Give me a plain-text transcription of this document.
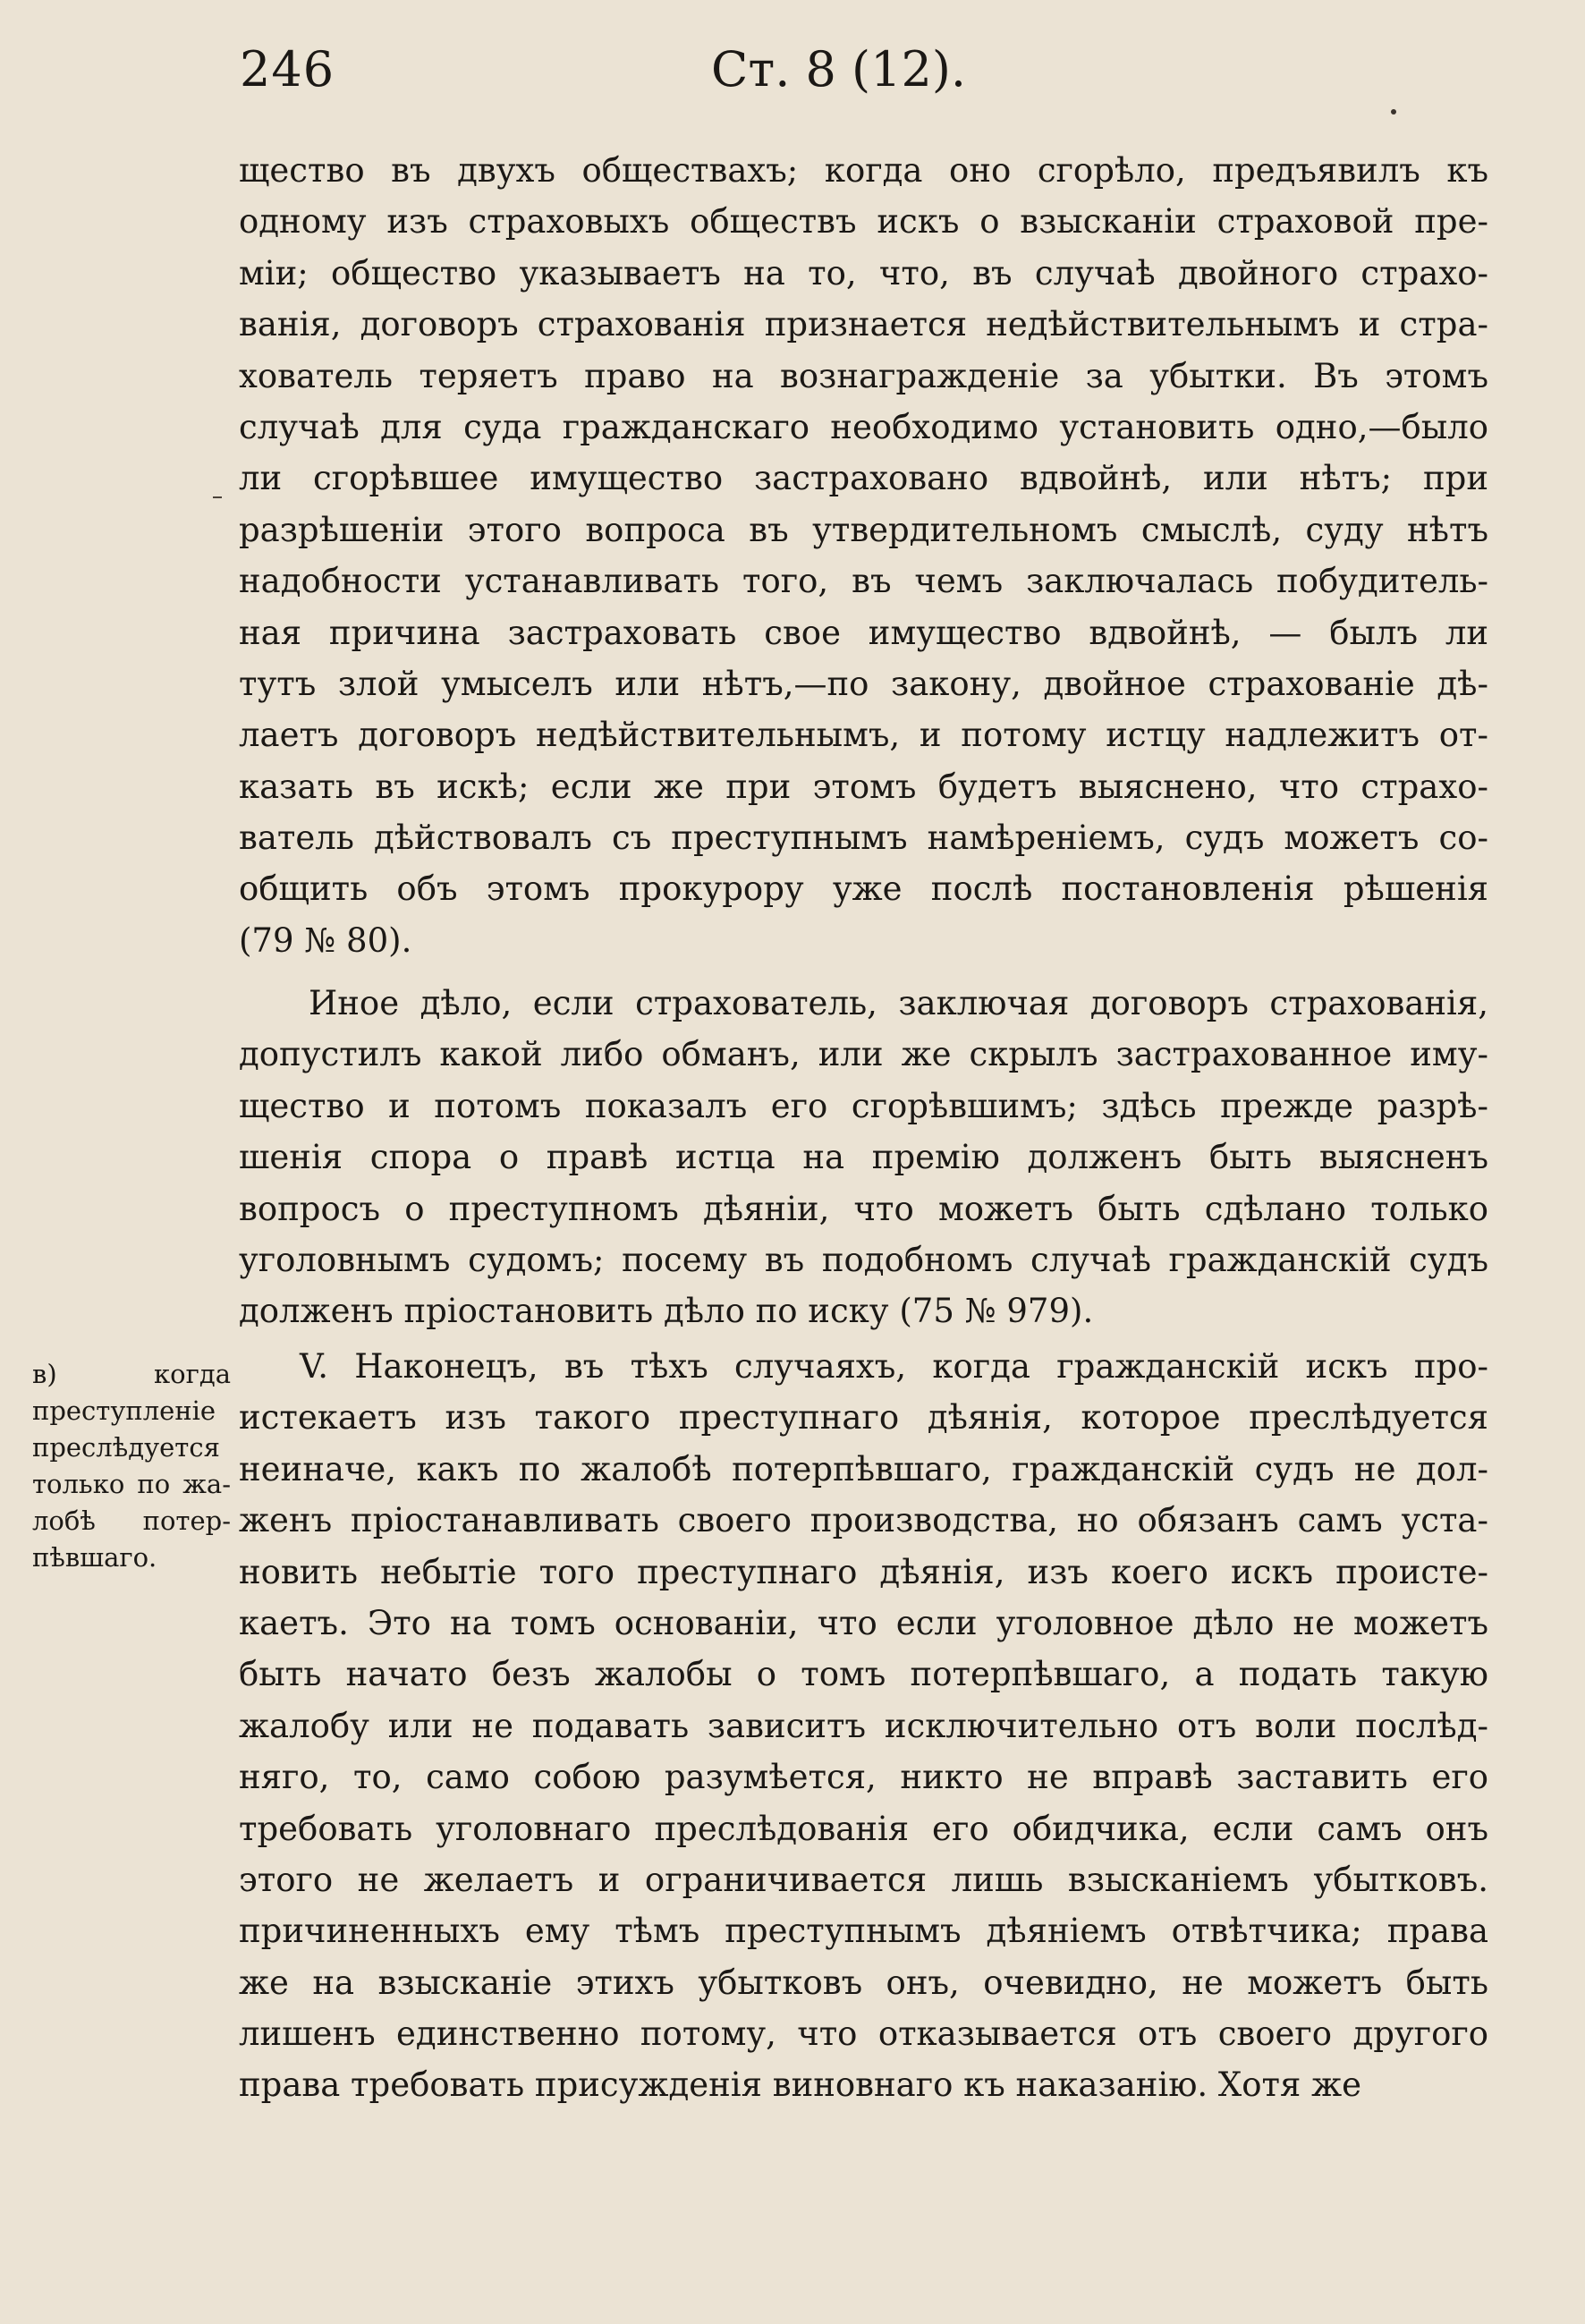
246	Ст. 8 (12).
щество въ двухъ обществахъ; когда оно сгорѣло, предъявилъ къ
одному изъ страховыхъ обществъ искъ о взысканіи страховой пре-
міи; общество указываетъ на то, что, въ случаѣ двойного страхо-
ванія, договоръ страхованія признается недѣйствительнымъ и стра-
хователь теряетъ право на вознагражденіе за убытки. Въ этомъ
случаѣ для суда гражданскаго необходимо установить одно,—было
ли сгорѣвшее имущество застраховано вдвойнѣ, или нѣтъ; при
разрѣшеніи этого вопроса въ утвердительномъ смыслѣ, суду нѣтъ
надобности устанавливать того, въ чемъ заключалась побудитель-
ная причина застраховать свое имущество вдвойнѣ, — былъ ли
тутъ злой умыселъ или нѣтъ,—по закону, двойное страхованіе дѣ-
лаетъ договоръ недѣйствительнымъ, и потому истцу надлежитъ от-
казать въ искѣ; если же при этомъ будетъ выяснено, что страхо-
ватель дѣйствовалъ съ преступнымъ намѣреніемъ, судъ можетъ со-
общить объ этомъ прокурору уже послѣ постановленія рѣшенія
(79 № 80).
Иное дѣло, если страхователь, заключая договоръ страхованія,
допустилъ какой либо обманъ, или же скрылъ застрахованное иму-
щество и потомъ показалъ его сгорѣвшимъ; здѣсь прежде разрѣ-
шенія спора о правѣ истца на премію долженъ быть выясненъ
вопросъ о преступномъ дѣяніи, что можетъ быть сдѣлано только
уголовнымъ судомъ; посему въ подобномъ случаѣ гражданскій судъ
долженъ пріостановить дѣло по иску (75 № 979).
V. Наконецъ, въ тѣхъ случаяхъ, когда гражданскій искъ про-
истекаетъ изъ такого преступнаго дѣянія, которое преслѣдуется
неиначе, какъ по жалобѣ потерпѣвшаго, гражданскій судъ не дол-
женъ пріостанавливать своего производства, но обязанъ самъ уста-
новить небытіе того преступнаго дѣянія, изъ коего искъ происте-
каетъ. Это на томъ основаніи, что если уголовное дѣло не можетъ
быть начато безъ жалобы о томъ потерпѣвшаго, а подать такую
жалобу или не подавать зависитъ исключительно отъ воли послѣд-
няго, то, само собою разумѣется, никто не вправѣ заставить его
требовать уголовнаго преслѣдованія его обидчика, если самъ онъ
этого не желаетъ и ограничивается лишь взысканіемъ убытковъ.
причиненныхъ ему тѣмъ преступнымъ дѣяніемъ отвѣтчика; права
же на взысканіе этихъ убытковъ онъ, очевидно, не можетъ быть
лишенъ единственно потому, что отказывается отъ своего другого
права требовать присужденія виновнаго къ наказанію. Хотя же
в) когда
преступленіе
преслѣдуется
только по жа-
лобѣ потер-
пѣвшаго.
